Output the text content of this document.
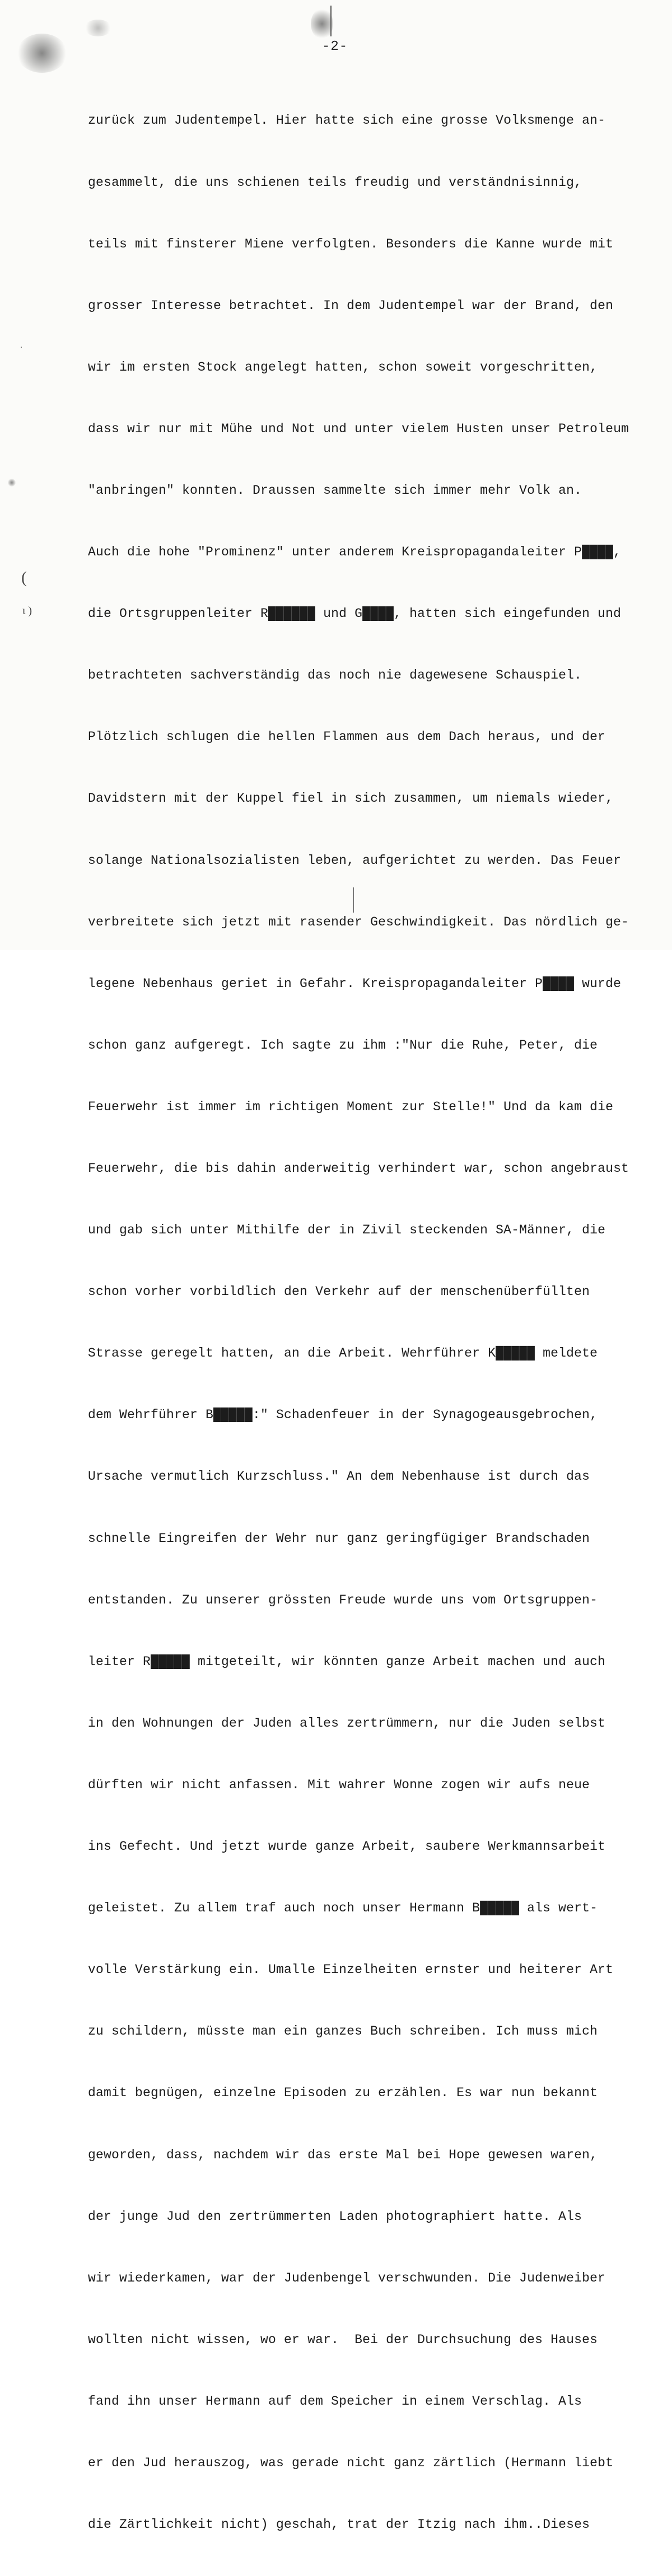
(
ι )
-2-

zurück zum Judentempel. Hier hatte sich eine grosse Volksmenge an-

gesammelt, die uns schienen teils freudig und verständnisinnig,

teils mit finsterer Miene verfolgten. Besonders die Kanne wurde mit

grosser Interesse betrachtet. In dem Judentempel war der Brand, den

wir im ersten Stock angelegt hatten, schon soweit vorgeschritten,

dass wir nur mit Mühe und Not und unter vielem Husten unser Petroleum

"anbringen" konnten. Draussen sammelte sich immer mehr Volk an.

Auch die hohe "Prominenz" unter anderem Kreispropagandaleiter P████,

die Ortsgruppenleiter R██████ und G████, hatten sich eingefunden und

betrachteten sachverständig das noch nie dagewesene Schauspiel.

Plötzlich schlugen die hellen Flammen aus dem Dach heraus, und der

Davidstern mit der Kuppel fiel in sich zusammen, um niemals wieder,

solange Nationalsozialisten leben, aufgerichtet zu werden. Das Feuer

verbreitete sich jetzt mit rasender Geschwindigkeit. Das nördlich ge-

legene Nebenhaus geriet in Gefahr. Kreispropagandaleiter P████ wurde

schon ganz aufgeregt. Ich sagte zu ihm :"Nur die Ruhe, Peter, die

Feuerwehr ist immer im richtigen Moment zur Stelle!" Und da kam die

Feuerwehr, die bis dahin anderweitig verhindert war, schon angebraust

und gab sich unter Mithilfe der in Zivil steckenden SA-Männer, die

schon vorher vorbildlich den Verkehr auf der menschenüberfüllten

Strasse geregelt hatten, an die Arbeit. Wehrführer K█████ meldete

dem Wehrführer B█████:" Schadenfeuer in der Synagogeausgebrochen,

Ursache vermutlich Kurzschluss." An dem Nebenhause ist durch das

schnelle Eingreifen der Wehr nur ganz geringfügiger Brandschaden

entstanden. Zu unserer grössten Freude wurde uns vom Ortsgruppen-

leiter R█████ mitgeteilt, wir könnten ganze Arbeit machen und auch

in den Wohnungen der Juden alles zertrümmern, nur die Juden selbst

dürften wir nicht anfassen. Mit wahrer Wonne zogen wir aufs neue

ins Gefecht. Und jetzt wurde ganze Arbeit, saubere Werkmannsarbeit

geleistet. Zu allem traf auch noch unser Hermann B█████ als wert-

volle Verstärkung ein. Umalle Einzelheiten ernster und heiterer Art

zu schildern, müsste man ein ganzes Buch schreiben. Ich muss mich

damit begnügen, einzelne Episoden zu erzählen. Es war nun bekannt

geworden, dass, nachdem wir das erste Mal bei Hope gewesen waren,

der junge Jud den zertrümmerten Laden photographiert hatte. Als

wir wiederkamen, war der Judenbengel verschwunden. Die Judenweiber

wollten nicht wissen, wo er war.  Bei der Durchsuchung des Hauses

fand ihn unser Hermann auf dem Speicher in einem Verschlag. Als

er den Jud herauszog, was gerade nicht ganz zärtlich (Hermann liebt

die Zärtlichkeit nicht) geschah, trat der Itzig nach ihm..Dieses
